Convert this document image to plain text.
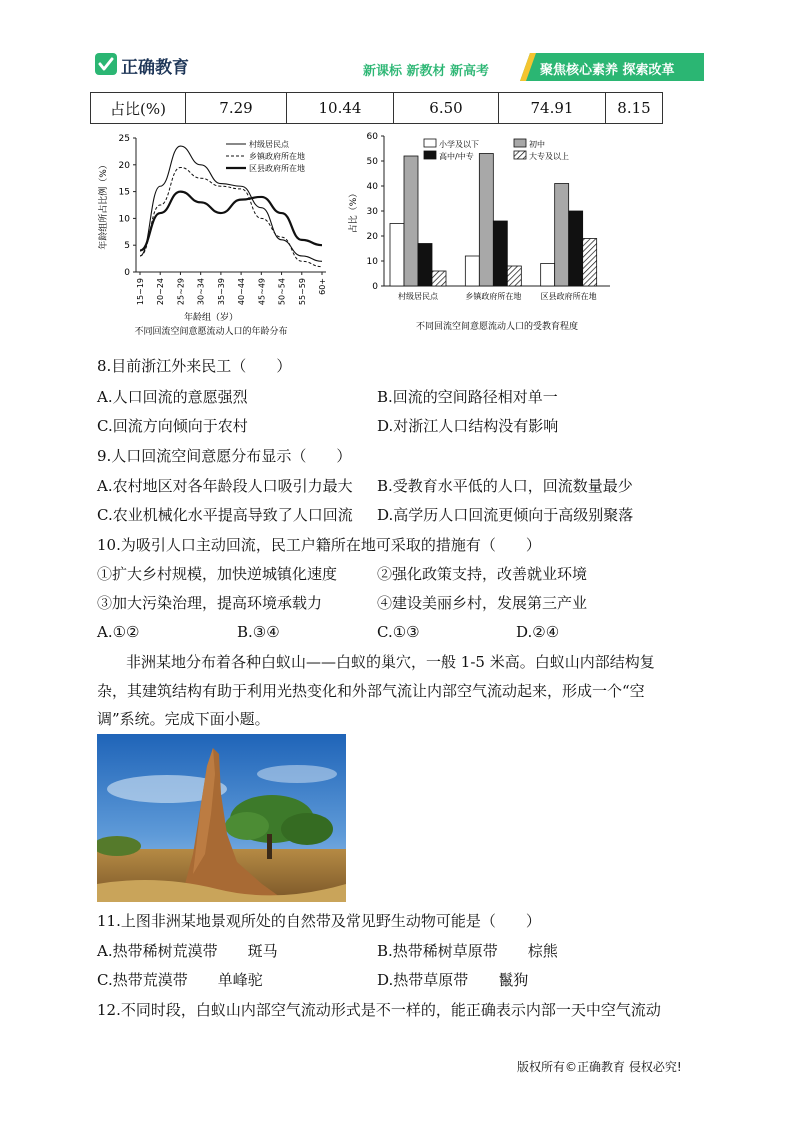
正确教育	新课标 新教材 新高考	聚焦核心素养 探索改革
占比(%)	7.29	10.44	6.50	74.91	8.15
0
5
10
15
20
25
15~19 20~24 25~29 30~34 35~39 40~44 45~49 50~54 55~59 60+
村级居民点
乡镇政府所在地
区县政府所在地
年龄组所占比例（%）
年龄组（岁）
不同回流空间意愿流动人口的年龄分布
0
10
20
30
40
50
60
村级居民点	乡镇政府所在地 区县政府所在地
小学及以下	初中
高中/中专	大专及以上
占比（%）
不同回流空间意愿流动人口的受教育程度
8.目前浙江外来民工（　　）
A.人口回流的意愿强烈	B.回流的空间路径相对单一
C.回流方向倾向于农村	D.对浙江人口结构没有影响
9.人口回流空间意愿分布显示（　　）
A.农村地区对各年龄段人口吸引力最大 B.受教育水平低的人口，回流数量最少
C.农业机械化水平提高导致了人口回流 D.高学历人口回流更倾向于高级别聚落
10.为吸引人口主动回流，民工户籍所在地可采取的措施有（　　）
①扩大乡村规模，加快逆城镇化速度	②强化政策支持，改善就业环境
③加大污染治理，提高环境承载力	④建设美丽乡村，发展第三产业
A.①②	B.③④	C.①③	D.②④
非洲某地分布着各种白蚁山——白蚁的巢穴，一般 1-5 米高。白蚁山内部结构复
杂，其建筑结构有助于利用光热变化和外部气流让内部空气流动起来，形成一个“空
调”系统。完成下面小题。
11.上图非洲某地景观所处的自然带及常见野生动物可能是（　　）
A.热带稀树荒漠带　　斑马	B.热带稀树草原带　　棕熊
C.热带荒漠带　　单峰驼	D.热带草原带　　鬣狗
12.不同时段，白蚁山内部空气流动形式是不一样的，能正确表示内部一天中空气流动
版权所有©正确教育 侵权必究!
